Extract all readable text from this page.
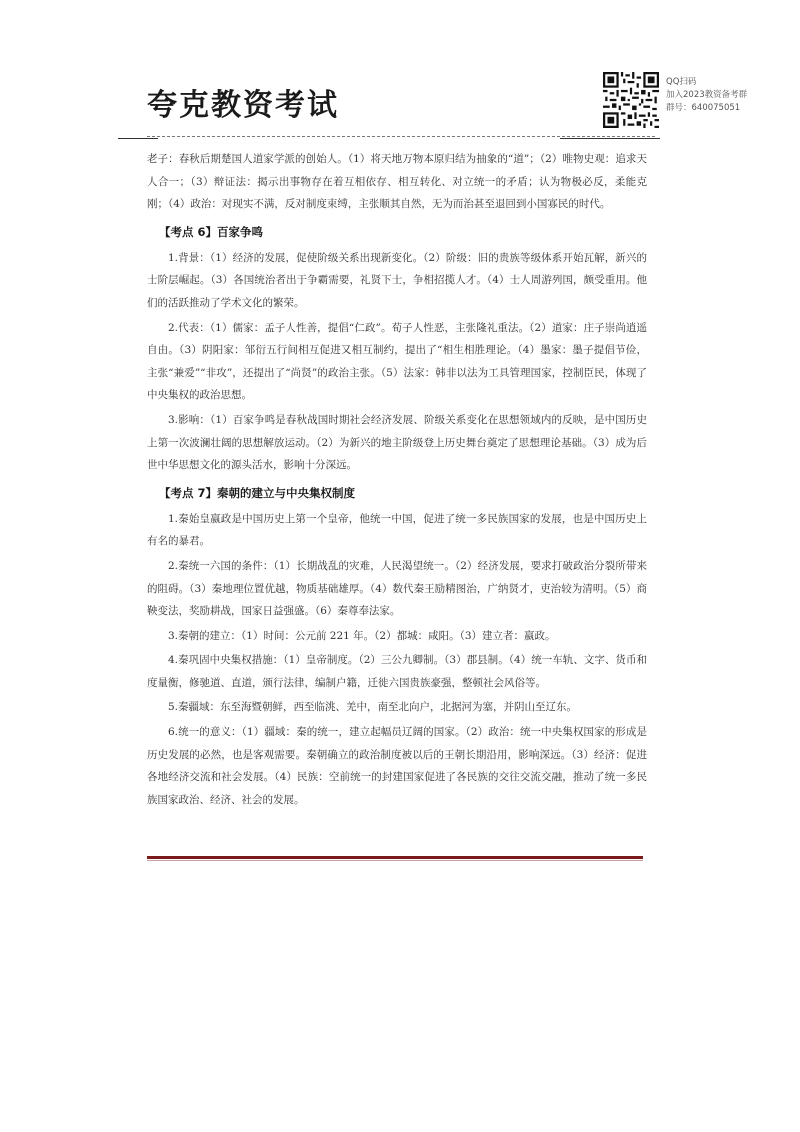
夸克教资考试
QQ扫码
加入2023教资备考群
群号：640075051

老子：春秋后期楚国人道家学派的创始人。（1）将天地万物本原归结为抽象的“道”；（2）唯物史观：追求天人合一；（3）辩证法：揭示出事物存在着互相依存、相互转化、对立统一的矛盾；认为物极必反，柔能克刚；（4）政治：对现实不满，反对制度束缚，主张顺其自然，无为而治甚至退回到小国寡民的时代。

【考点 6】百家争鸣

1.背景：（1）经济的发展，促使阶级关系出现新变化。（2）阶级：旧的贵族等级体系开始瓦解，新兴的士阶层崛起。（3）各国统治者出于争霸需要，礼贤下士，争相招揽人才。（4）士人周游列国，颇受重用。他们的活跃推动了学术文化的繁荣。

2.代表：（1）儒家：孟子人性善，提倡“仁政”。荀子人性恶，主张隆礼重法。（2）道家：庄子崇尚逍遥自由。（3）阴阳家：邹衍五行间相互促进又相互制约，提出了“相生相胜理论。（4）墨家：墨子提倡节俭，主张“兼爱”“非攻”，还提出了“尚贤”的政治主张。（5）法家：韩非以法为工具管理国家，控制臣民，体现了中央集权的政治思想。

3.影响：（1）百家争鸣是春秋战国时期社会经济发展、阶级关系变化在思想领域内的反映，是中国历史上第一次波澜壮阔的思想解放运动。（2）为新兴的地主阶级登上历史舞台奠定了思想理论基础。（3）成为后世中华思想文化的源头活水，影响十分深远。

【考点 7】秦朝的建立与中央集权制度

1.秦始皇嬴政是中国历史上第一个皇帝，他统一中国，促进了统一多民族国家的发展，也是中国历史上有名的暴君。

2.秦统一六国的条件：（1）长期战乱的灾难，人民渴望统一。（2）经济发展，要求打破政治分裂所带来的阻碍。（3）秦地理位置优越，物质基础雄厚。（4）数代秦王励精图治，广纳贤才，吏治较为清明。（5）商鞅变法，奖励耕战，国家日益强盛。（6）秦尊奉法家。

3.秦朝的建立：（1）时间：公元前 221 年。（2）都城：咸阳。（3）建立者：嬴政。

4.秦巩固中央集权措施：（1）皇帝制度。（2）三公九卿制。（3）郡县制。（4）统一车轨、文字、货币和度量衡，修驰道、直道，颁行法律，编制户籍，迁徙六国贵族豪强，整顿社会风俗等。

5.秦疆域：东至海暨朝鲜，西至临洮、羌中，南至北向户，北据河为塞，并阴山至辽东。

6.统一的意义：（1）疆域：秦的统一，建立起幅员辽阔的国家。（2）政治：统一中央集权国家的形成是历史发展的必然，也是客观需要。秦朝确立的政治制度被以后的王朝长期沿用，影响深远。（3）经济：促进各地经济交流和社会发展。（4）民族：空前统一的封建国家促进了各民族的交往交流交融，推动了统一多民族国家政治、经济、社会的发展。
